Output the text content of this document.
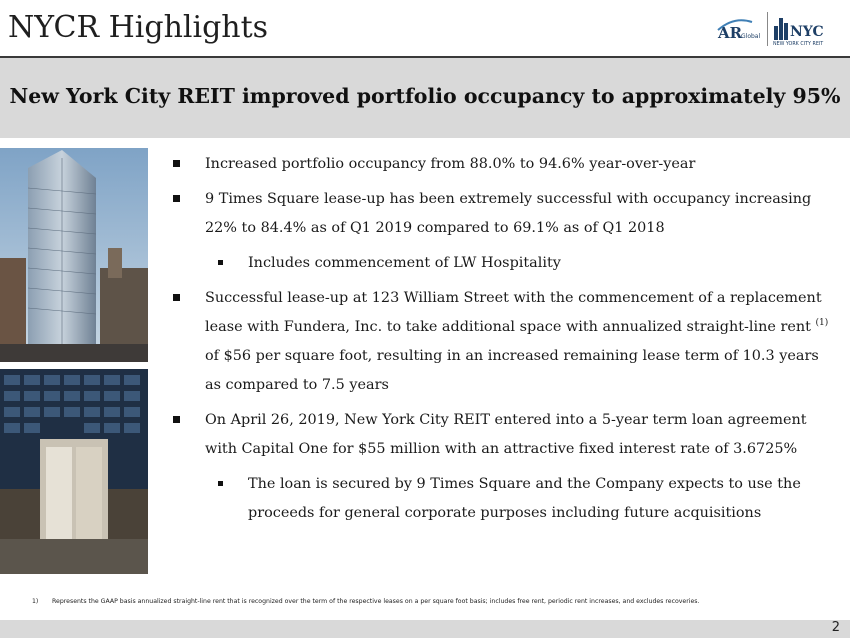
NYCR Highlights	AR
Global NYC
NEW YORK CITY REIT
New York City REIT improved portfolio occupancy to approximately 95%
Increased portfolio occupancy from 88.0% to 94.6% year-over-year
9 Times Square lease-up has been extremely successful with occupancy increasing 22% to 84.4% as of Q1 2019 compared to 69.1% as of Q1 2018
Includes commencement of LW Hospitality
Successful lease-up at 123 William Street with the commencement of a replacement lease with Fundera, Inc. to take additional space with annualized straight-line rent $^{(1)}$ of $56 per square foot, resulting in an increased remaining lease term of 10.3 years as compared to 7.5 years
On April 26, 2019, New York City REIT entered into a 5-year term loan agreement with Capital One for $55 million with an attractive fixed interest rate of 3.6725%
The loan is secured by 9 Times Square and the Company expects to use the proceeds for general corporate purposes including future acquisitions
1) Represents the GAAP basis annualized straight-line rent that is recognized over the term of the respective leases on a per square foot basis; includes free rent, periodic rent increases, and excludes recoveries.
2
